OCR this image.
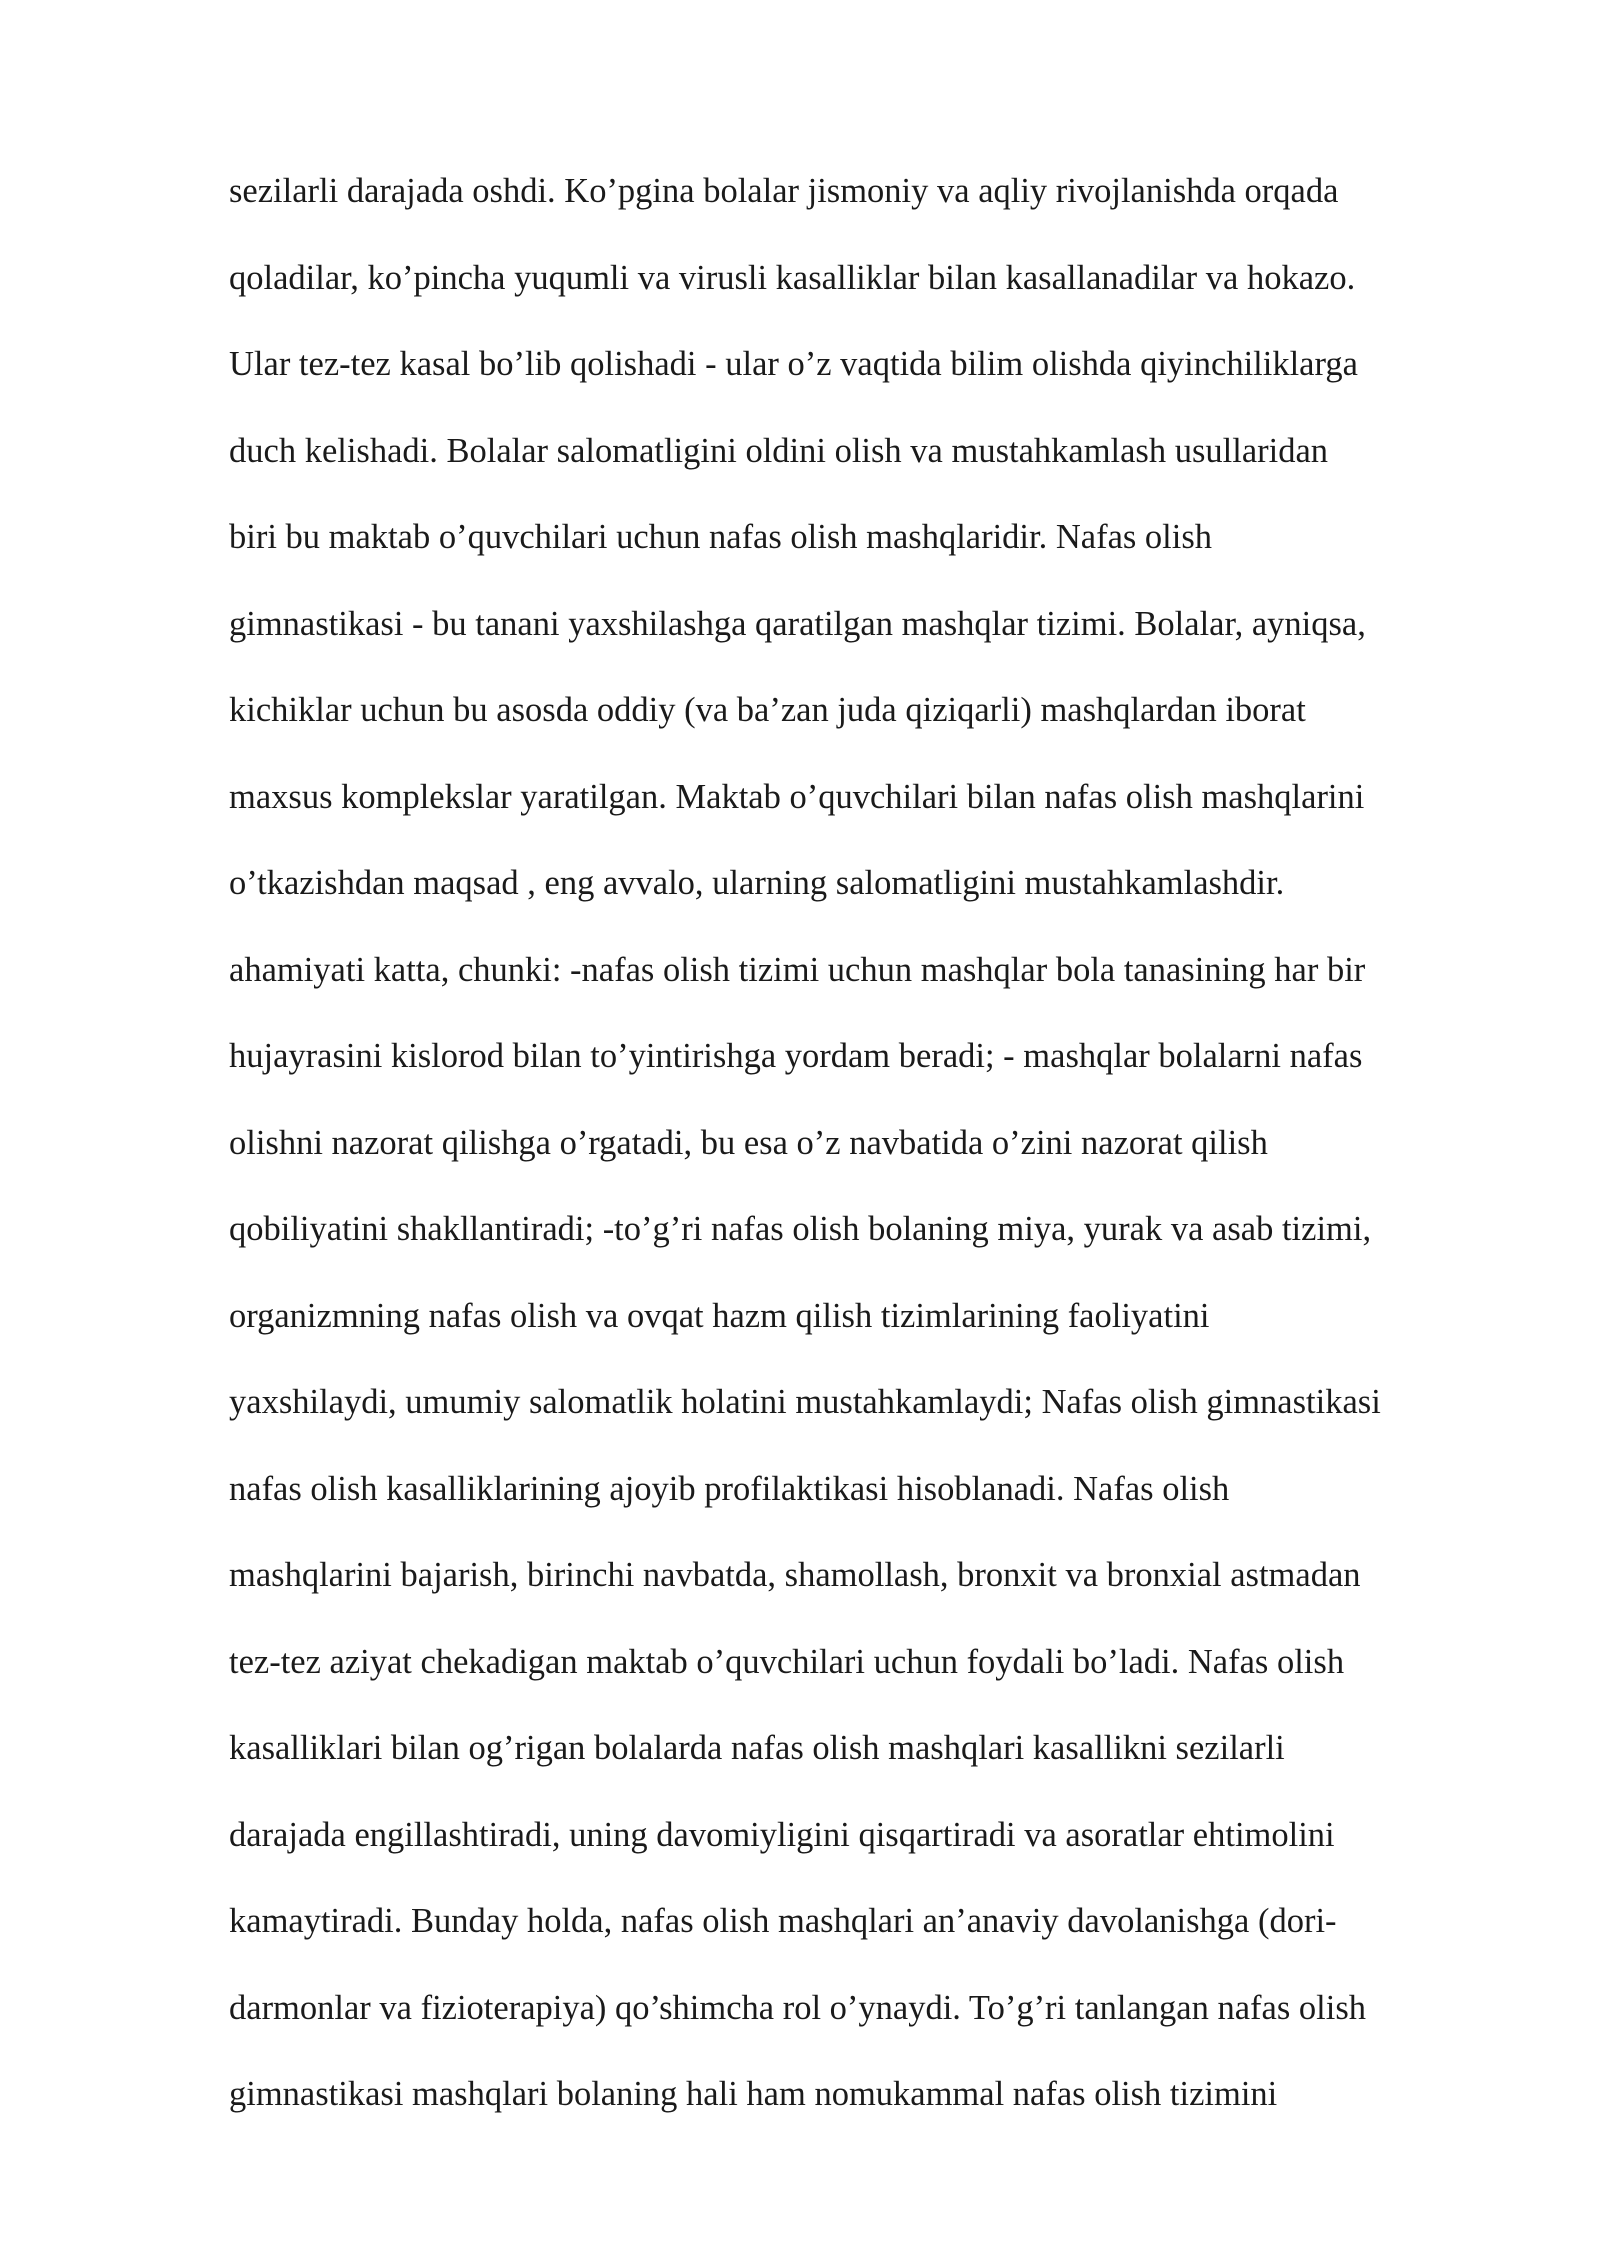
sezilarli darajada oshdi. Ko’pgina bolalar jismoniy va aqliy rivojlanishda orqada
qoladilar, ko’pincha yuqumli va virusli kasalliklar bilan kasallanadilar va hokazo.
Ular tez-tez kasal bo’lib qolishadi - ular o’z vaqtida bilim olishda qiyinchiliklarga
duch kelishadi. Bolalar salomatligini oldini olish va mustahkamlash usullaridan
biri bu maktab o’quvchilari uchun nafas olish mashqlaridir. Nafas olish
gimnastikasi - bu tanani yaxshilashga qaratilgan mashqlar tizimi. Bolalar, ayniqsa,
kichiklar uchun bu asosda oddiy (va ba’zan juda qiziqarli) mashqlardan iborat
maxsus komplekslar yaratilgan. Maktab o’quvchilari bilan nafas olish mashqlarini
o’tkazishdan maqsad , eng avvalo, ularning salomatligini mustahkamlashdir.
ahamiyati katta, chunki: -nafas olish tizimi uchun mashqlar bola tanasining har bir
hujayrasini kislorod bilan to’yintirishga yordam beradi; - mashqlar bolalarni nafas
olishni nazorat qilishga o’rgatadi, bu esa o’z navbatida o’zini nazorat qilish
qobiliyatini shakllantiradi; -to’g’ri nafas olish bolaning miya, yurak va asab tizimi,
organizmning nafas olish va ovqat hazm qilish tizimlarining faoliyatini
yaxshilaydi, umumiy salomatlik holatini mustahkamlaydi; Nafas olish gimnastikasi
nafas olish kasalliklarining ajoyib profilaktikasi hisoblanadi. Nafas olish
mashqlarini bajarish, birinchi navbatda, shamollash, bronxit va bronxial astmadan
tez-tez aziyat chekadigan maktab o’quvchilari uchun foydali bo’ladi. Nafas olish
kasalliklari bilan og’rigan bolalarda nafas olish mashqlari kasallikni sezilarli
darajada engillashtiradi, uning davomiyligini qisqartiradi va asoratlar ehtimolini
kamaytiradi. Bunday holda, nafas olish mashqlari an’anaviy davolanishga (dori-
darmonlar va fizioterapiya) qo’shimcha rol o’ynaydi. To’g’ri tanlangan nafas olish
gimnastikasi mashqlari bolaning hali ham nomukammal nafas olish tizimini
